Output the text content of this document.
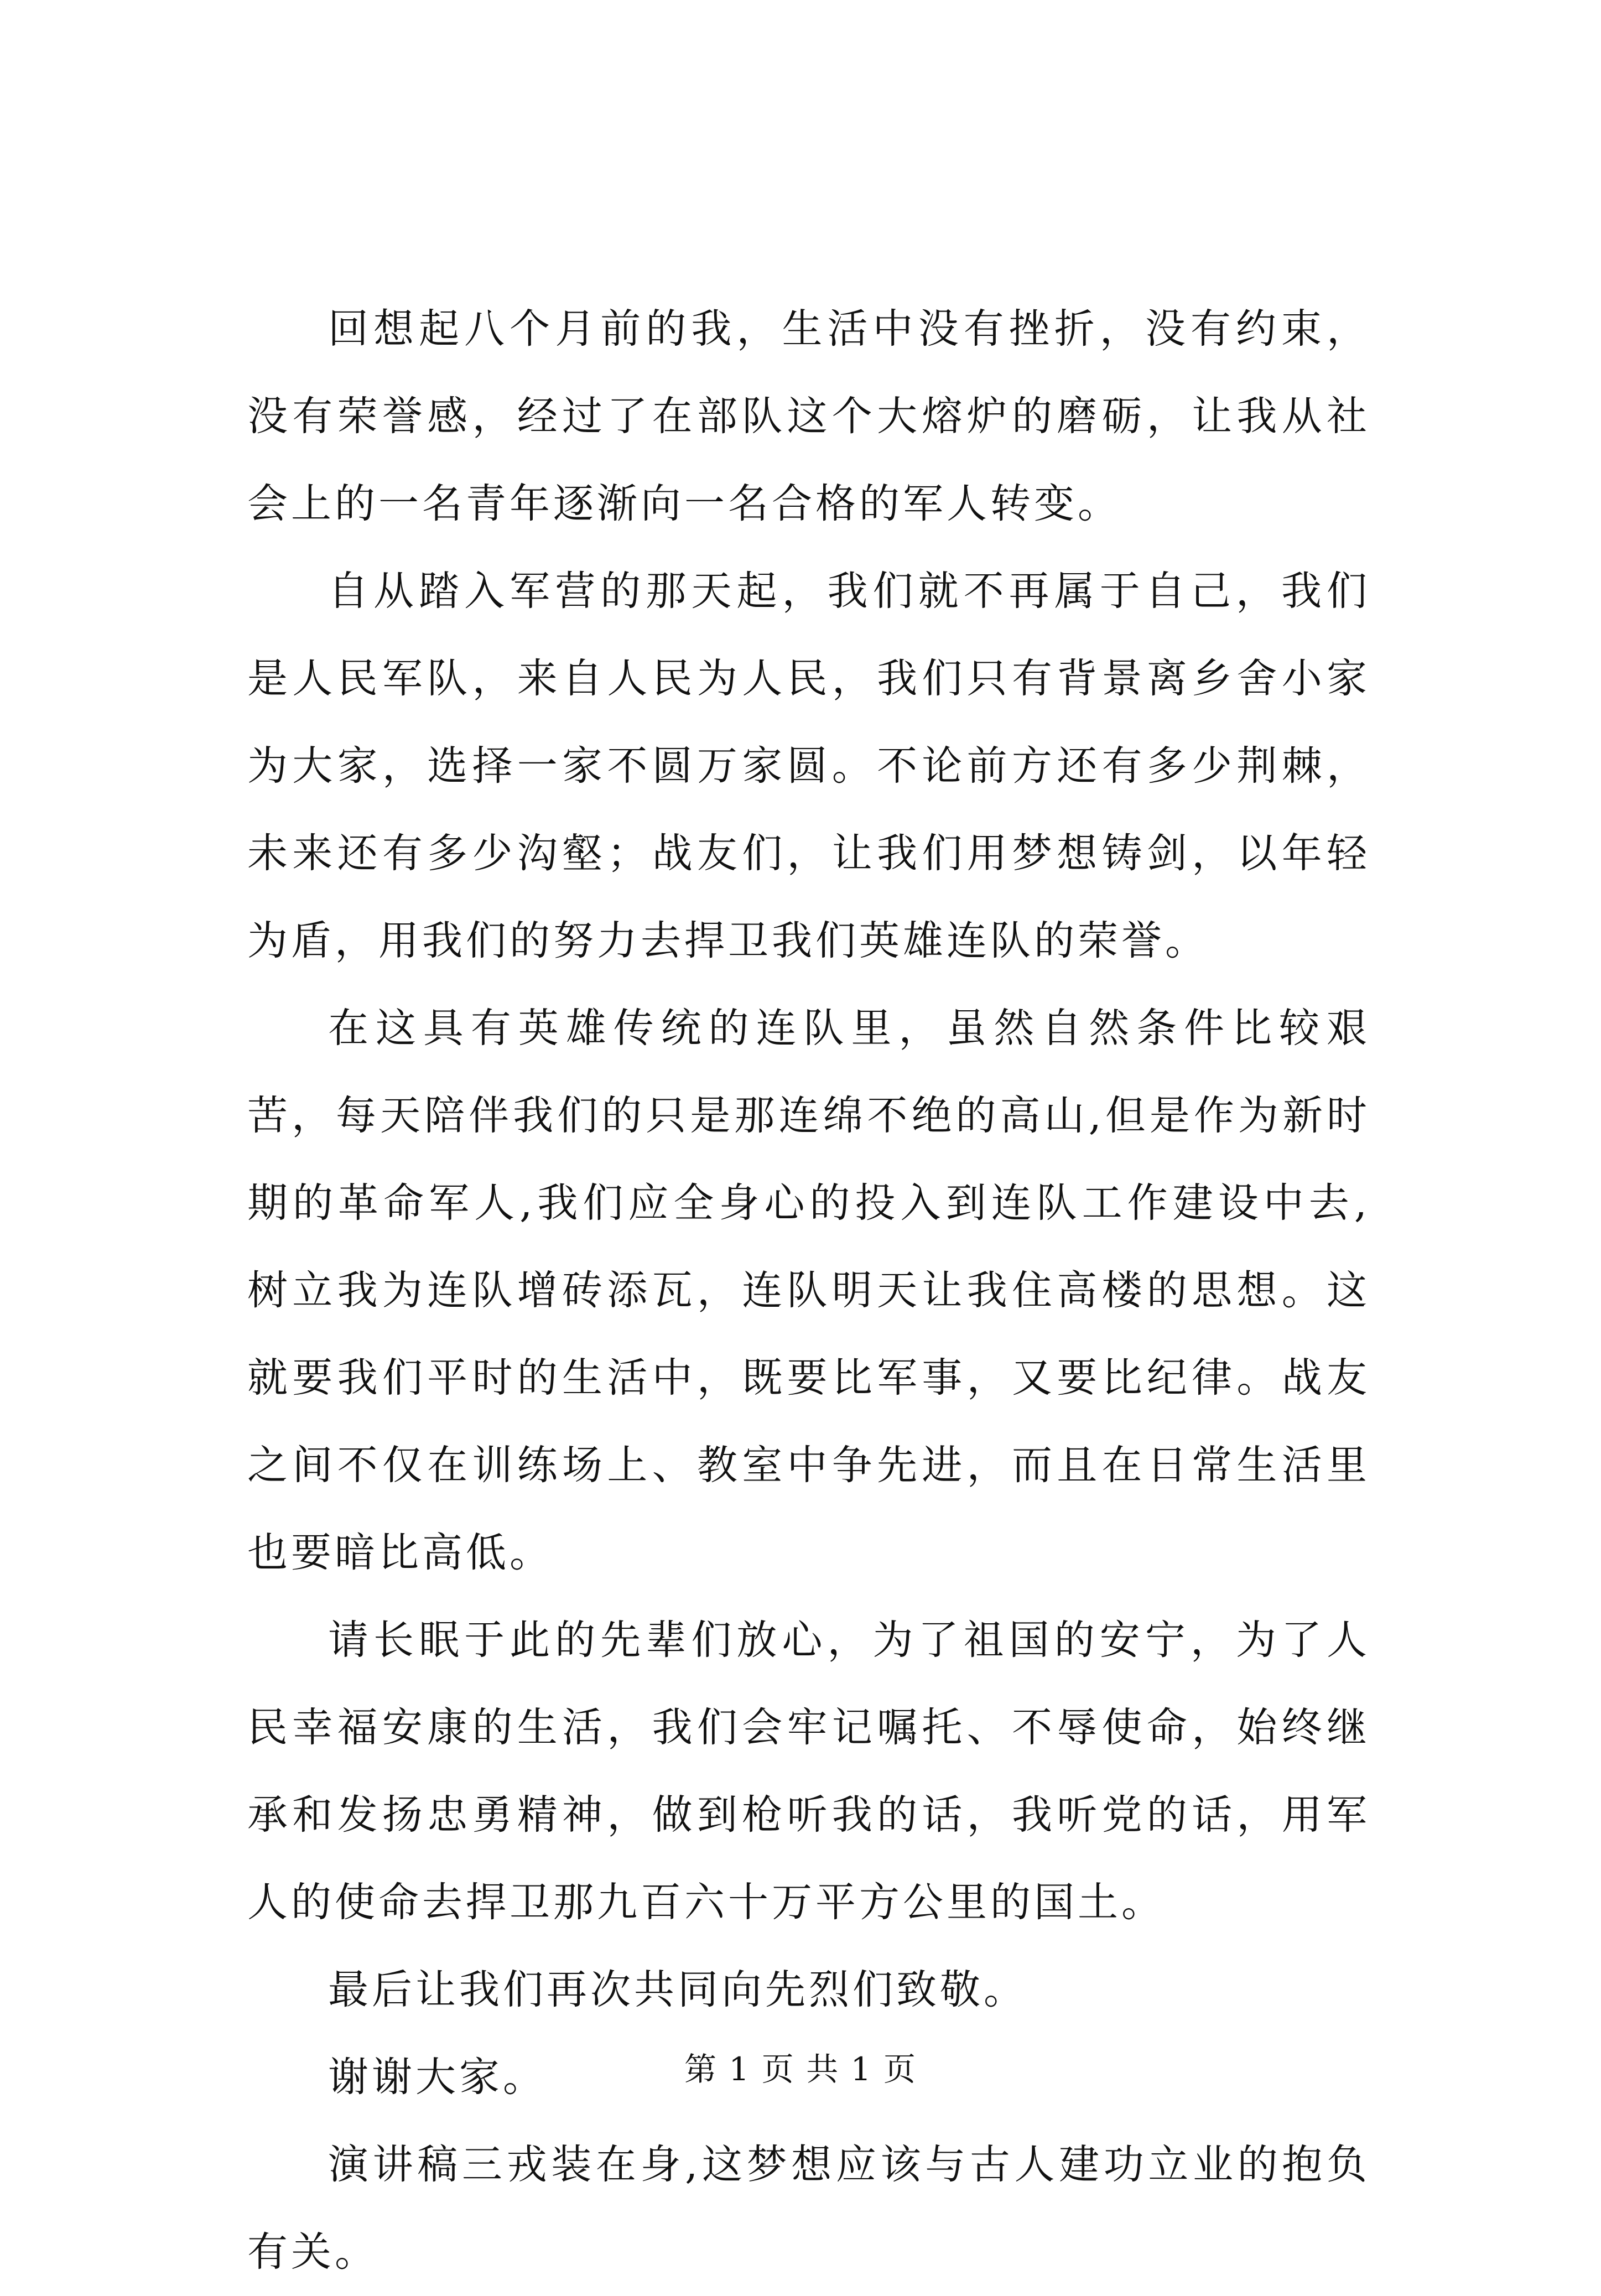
回想起八个月前的我，生活中没有挫折，没有约束，没有荣誉感，经过了在部队这个大熔炉的磨砺，让我从社会上的一名青年逐渐向一名合格的军人转变。

自从踏入军营的那天起，我们就不再属于自己，我们是人民军队，来自人民为人民，我们只有背景离乡舍小家为大家，选择一家不圆万家圆。不论前方还有多少荆棘，未来还有多少沟壑；战友们，让我们用梦想铸剑，以年轻为盾，用我们的努力去捍卫我们英雄连队的荣誉。

在这具有英雄传统的连队里，虽然自然条件比较艰苦，每天陪伴我们的只是那连绵不绝的高山,但是作为新时期的革命军人,我们应全身心的投入到连队工作建设中去,树立我为连队增砖添瓦，连队明天让我住高楼的思想。这就要我们平时的生活中，既要比军事，又要比纪律。战友之间不仅在训练场上、教室中争先进，而且在日常生活里也要暗比高低。

请长眠于此的先辈们放心，为了祖国的安宁，为了人民幸福安康的生活，我们会牢记嘱托、不辱使命，始终继承和发扬忠勇精神，做到枪听我的话，我听党的话，用军人的使命去捍卫那九百六十万平方公里的国土。

最后让我们再次共同向先烈们致敬。

谢谢大家。

演讲稿三戎装在身,这梦想应该与古人建功立业的抱负有关。

第 1 页 共 1 页
